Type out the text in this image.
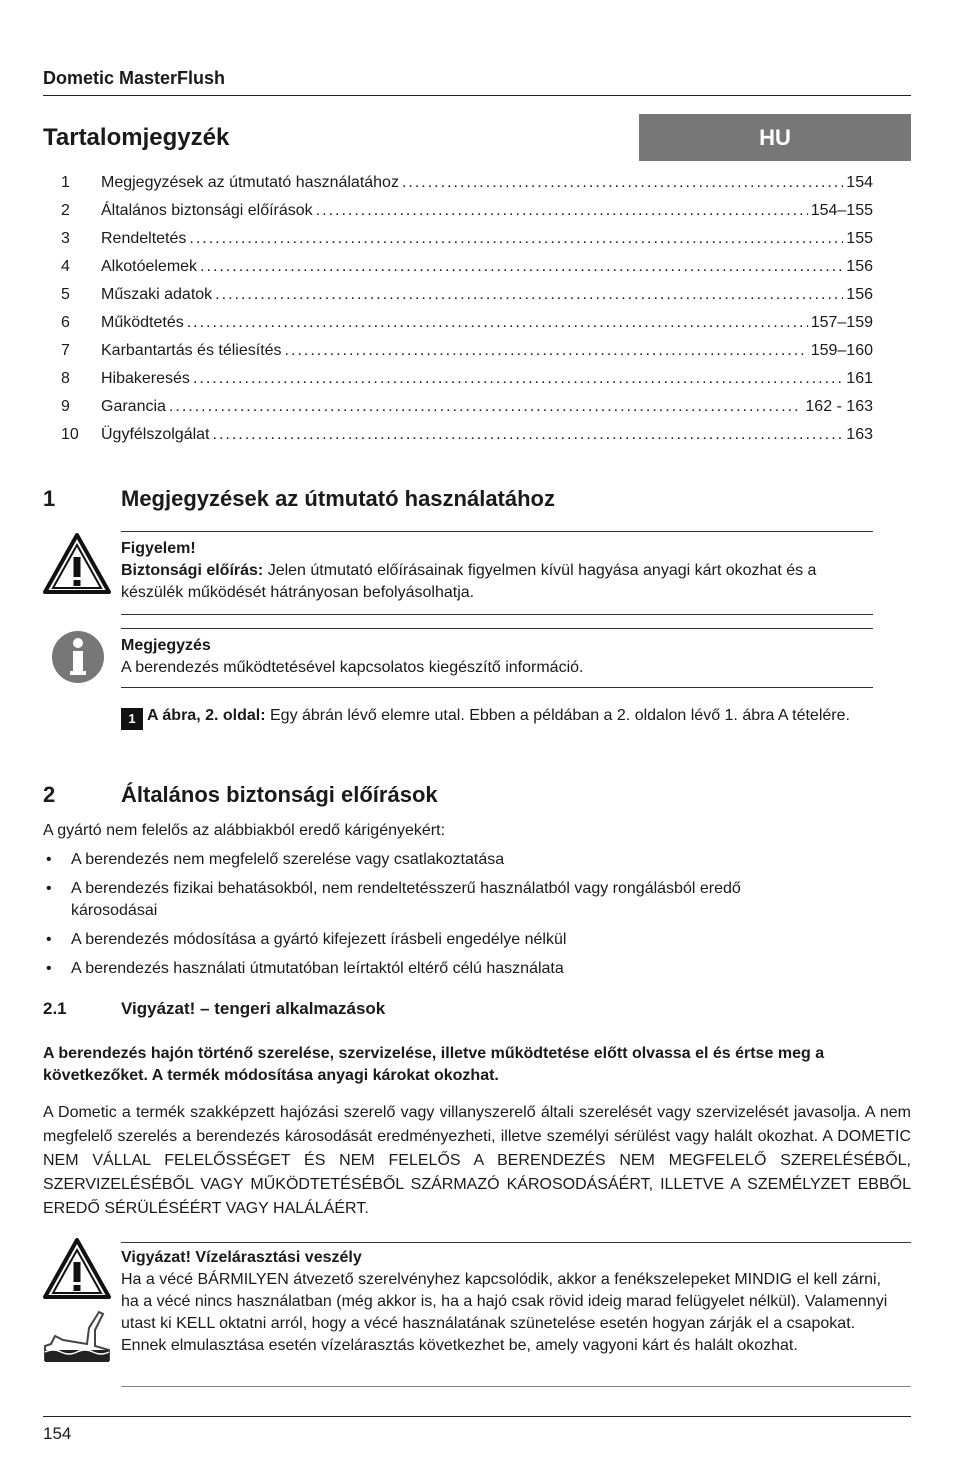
Dometic MasterFlush
Tartalomjegyzék	HU
1	Megjegyzések az útmutató használatához .....	154
2	Általános biztonsági előírások .....	154–155
3	Rendeltetés .....	155
4	Alkotóelemek .....	156
5	Műszaki adatok .....	156
6	Működtetés .....	157–159
7	Karbantartás és téliesítés .....	159–160
8	Hibakeresés .....	161
9	Garancia .....	162 - 163
10	Ügyfélszolgálat .....	163
1	Megjegyzések az útmutató használatához
Figyelem!
Biztonsági előírás: Jelen útmutató előírásainak figyelmen kívül hagyása anyagi kárt okozhat és a készülék működését hátrányosan befolyásolhatja.
Megjegyzés
A berendezés működtetésével kapcsolatos kiegészítő információ.
1 A ábra, 2. oldal: Egy ábrán lévő elemre utal. Ebben a példában a 2. oldalon lévő 1. ábra A tételére.
2	Általános biztonsági előírások
A gyártó nem felelős az alábbiakból eredő kárigényekért:
•	A berendezés nem megfelelő szerelése vagy csatlakoztatása
•	A berendezés fizikai behatásokból, nem rendeltetésszerű használatból vagy rongálásból eredő károsodásai
•	A berendezés módosítása a gyártó kifejezett írásbeli engedélye nélkül
•	A berendezés használati útmutatóban leírtaktól eltérő célú használata
2.1	Vigyázat! – tengeri alkalmazások
A berendezés hajón történő szerelése, szervizelése, illetve működtetése előtt olvassa el és értse meg a következőket. A termék módosítása anyagi károkat okozhat.
A Dometic a termék szakképzett hajózási szerelő vagy villanyszerelő általi szerelését vagy szervizelését javasolja. A nem megfelelő szerelés a berendezés károsodását eredményezheti, illetve személyi sérülést vagy halált okozhat. A DOMETIC NEM VÁLLAL FELELŐSSÉGET ÉS NEM FELELŐS A BERENDEZÉS NEM MEGFELELŐ SZERELÉSÉBŐL, SZERVIZELÉSÉBŐL VAGY MŰKÖDTETÉSÉBŐL SZÁRMAZÓ KÁROSODÁSÁÉRT, ILLETVE A SZEMÉLYZET EBBŐL EREDŐ SÉRÜLÉSÉÉRT VAGY HALÁLÁÉRT.
Vigyázat! Vízelárasztási veszély
Ha a vécé BÁRMILYEN átvezető szerelvényhez kapcsolódik, akkor a fenékszelepeket MINDIG el kell zárni, ha a vécé nincs használatban (még akkor is, ha a hajó csak rövid ideig marad felügyelet nélkül). Valamennyi utast ki KELL oktatni arról, hogy a vécé használatának szünetelése esetén hogyan zárják el a csapokat. Ennek elmulasztása esetén vízelárasztás következhet be, amely vagyoni kárt és halált okozhat.
154
